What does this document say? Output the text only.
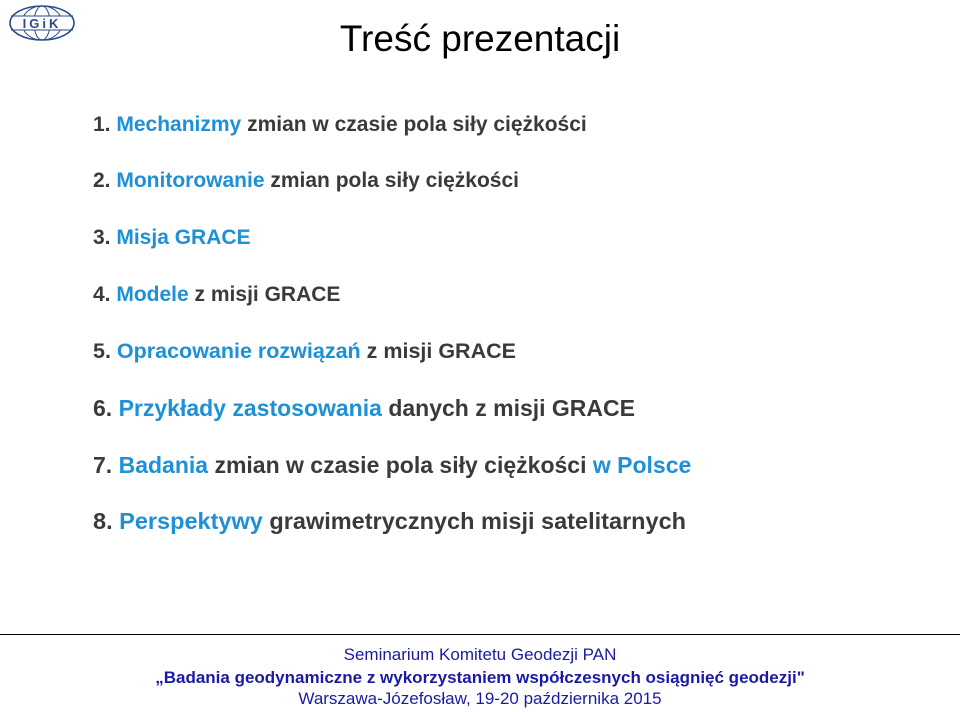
IGiK	Treść prezentacji
1. Mechanizmy zmian w czasie pola siły ciężkości
2. Monitorowanie zmian pola siły ciężkości
3. Misja GRACE
4. Modele z misji GRACE
5. Opracowanie rozwiązań z misji GRACE
6. Przykłady zastosowania danych z misji GRACE
7. Badania zmian w czasie pola siły ciężkości w Polsce
8. Perspektywy grawimetrycznych misji satelitarnych
Seminarium Komitetu Geodezji PAN
„Badania geodynamiczne z wykorzystaniem współczesnych osiągnięć geodezji"
Warszawa-Józefosław, 19-20 października 2015
